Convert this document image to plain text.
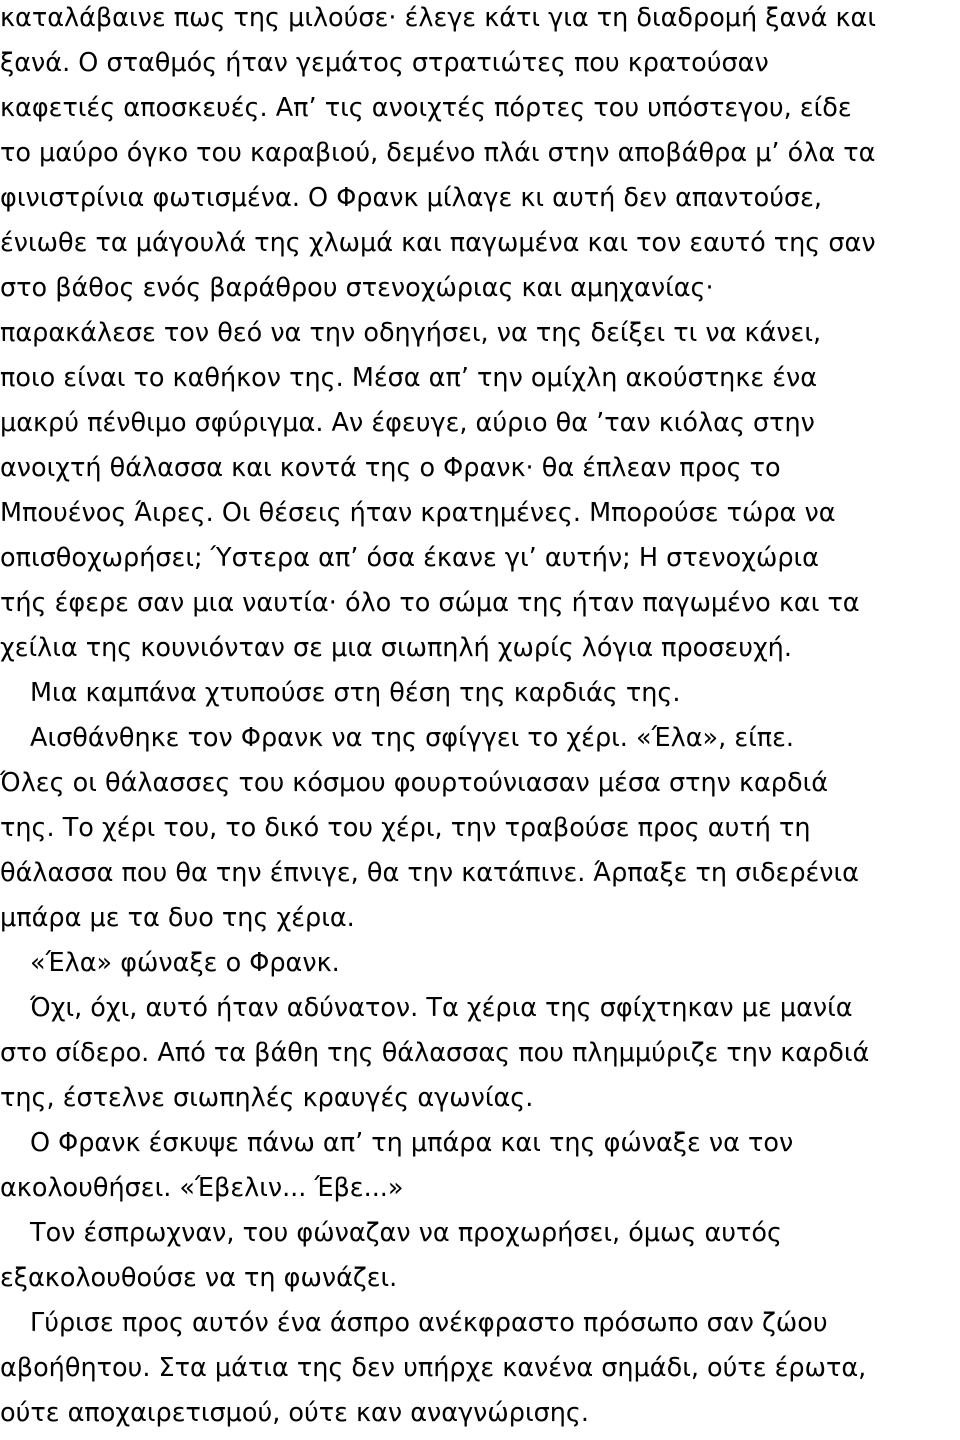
καταλάβαινε πως της μιλούσε· έλεγε κάτι για τη διαδρομή ξανά και
ξανά. Ο σταθμός ήταν γεμάτος στρατιώτες που κρατούσαν
καφετιές αποσκευές. Απ’ τις ανοιχτές πόρτες του υπόστεγου, είδε
το μαύρο όγκο του καραβιού, δεμένο πλάι στην αποβάθρα μ’ όλα τα
φινιστρίνια φωτισμένα. Ο Φρανκ μίλαγε κι αυτή δεν απαντούσε,
ένιωθε τα μάγουλά της χλωμά και παγωμένα και τον εαυτό της σαν
στο βάθος ενός βαράθρου στενοχώριας και αμηχανίας·
παρακάλεσε τον θεό να την οδηγήσει, να της δείξει τι να κάνει,
ποιο είναι το καθήκον της. Μέσα απ’ την ομίχλη ακούστηκε ένα
μακρύ πένθιμο σφύριγμα. Αν έφευγε, αύριο θα ’ταν κιόλας στην
ανοιχτή θάλασσα και κοντά της ο Φρανκ· θα έπλεαν προς το
Μπουένος Άιρες. Οι θέσεις ήταν κρατημένες. Μπορούσε τώρα να
οπισθοχωρήσει; Ύστερα απ’ όσα έκανε γι’ αυτήν; Η στενοχώρια
τής έφερε σαν μια ναυτία· όλο το σώμα της ήταν παγωμένο και τα
χείλια της κουνιόνταν σε μια σιωπηλή χωρίς λόγια προσευχή.
Μια καμπάνα χτυπούσε στη θέση της καρδιάς της.
Αισθάνθηκε τον Φρανκ να της σφίγγει το χέρι. «Έλα», είπε.
Όλες οι θάλασσες του κόσμου φουρτούνιασαν μέσα στην καρδιά
της. Το χέρι του, το δικό του χέρι, την τραβούσε προς αυτή τη
θάλασσα που θα την έπνιγε, θα την κατάπινε. Άρπαξε τη σιδερένια
μπάρα με τα δυο της χέρια.
«Έλα» φώναξε ο Φρανκ.
Όχι, όχι, αυτό ήταν αδύνατον. Τα χέρια της σφίχτηκαν με μανία
στο σίδερο. Από τα βάθη της θάλασσας που πλημμύριζε την καρδιά
της, έστελνε σιωπηλές κραυγές αγωνίας.
Ο Φρανκ έσκυψε πάνω απ’ τη μπάρα και της φώναξε να τον
ακολουθήσει. «Έβελιν... Έβε...»
Τον έσπρωχναν, του φώναζαν να προχωρήσει, όμως αυτός
εξακολουθούσε να τη φωνάζει.
Γύρισε προς αυτόν ένα άσπρο ανέκφραστο πρόσωπο σαν ζώου
αβοήθητου. Στα μάτια της δεν υπήρχε κανένα σημάδι, ούτε έρωτα,
ούτε αποχαιρετισμού, ούτε καν αναγνώρισης.
